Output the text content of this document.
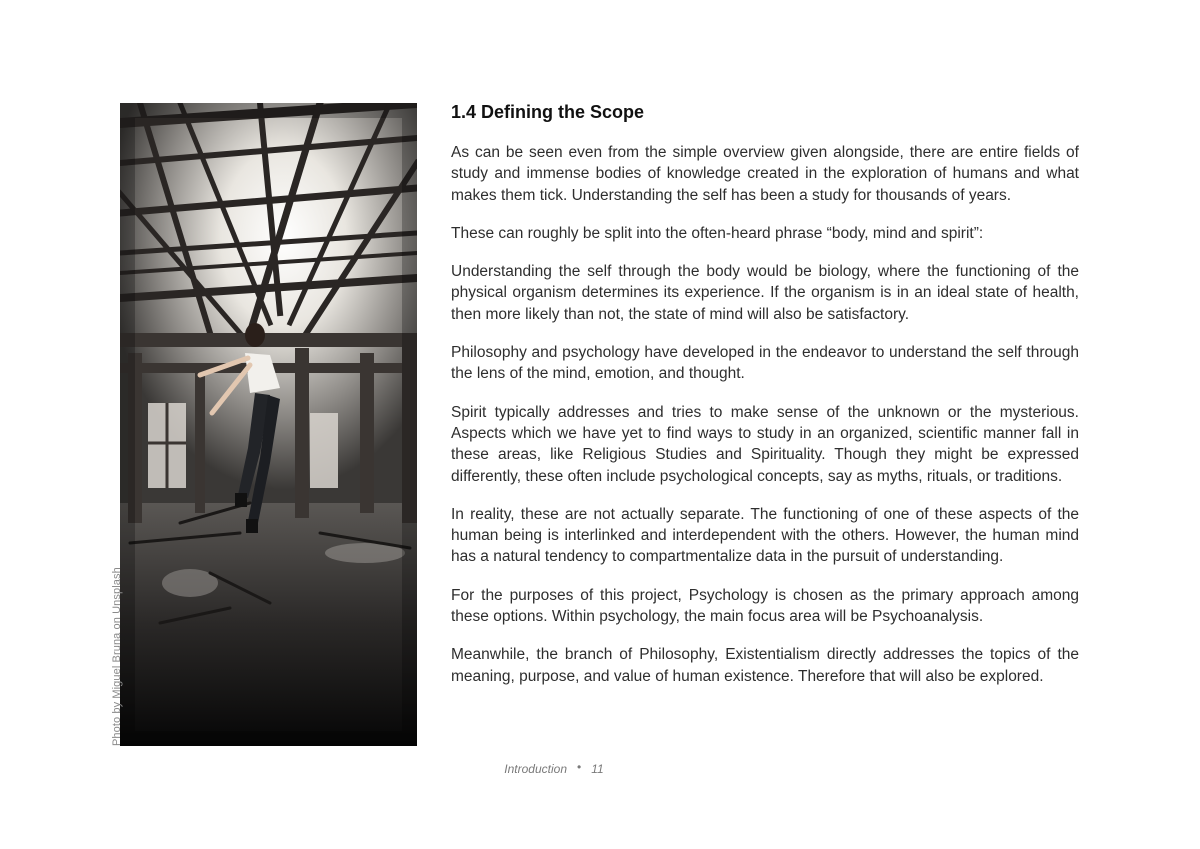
Photo by Miguel Bruna on Unsplash
1.4 Defining the Scope

As can be seen even from the simple overview given alongside, there are entire fields of study and immense bodies of knowledge created in the exploration of humans and what makes them tick. Understanding the self has been a study for thousands of years.

These can roughly be split into the often-heard phrase “body, mind and spirit”:

Understanding the self through the body would be biology, where the functioning of the physical organism determines its experience. If the organism is in an ideal state of health, then more likely than not, the state of mind will also be satisfactory.

Philosophy and psychology have developed in the endeavor to understand the self through the lens of the mind, emotion, and thought.

Spirit typically addresses and tries to make sense of the unknown or the mysterious. Aspects which we have yet to find ways to study in an organized, scientific manner fall in these areas, like Religious Studies and Spirituality. Though they might be expressed differently, these often include psychological concepts, say as myths, rituals, or traditions.

In reality, these are not actually separate. The functioning of one of these aspects of the human being is interlinked and interdependent with the others. However, the human mind has a natural tendency to compartmentalize data in the pursuit of understanding.

For the purposes of this project, Psychology is chosen as the primary approach among these options. Within psychology, the main focus area will be Psychoanalysis.

Meanwhile, the branch of Philosophy, Existentialism directly addresses the topics of the meaning, purpose, and value of human existence. Therefore that will also be explored.

Introduction • 11
